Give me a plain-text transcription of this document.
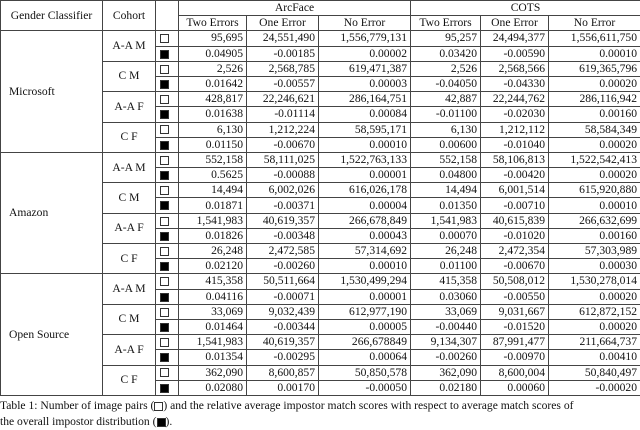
Gender Classifier	Cohort		ArcFace			COTS		
			Two Errors	One Error	No Error	Two Errors	One Error	No Error
Microsoft	A-A M		95,695	24,551,490	1,556,779,131	95,257	24,494,377	1,556,611,750
			0.04905	-0.00185	0.00002	0.03420	-0.00590	0.00010
	C M		2,526	2,568,785	619,471,387	2,526	2,568,566	619,365,796
			0.01642	-0.00557	0.00003	-0.04050	-0.04330	0.00020
	A-A F		428,817	22,246,621	286,164,751	42,887	22,244,762	286,116,942
			0.01638	-0.01114	0.00084	-0.01100	-0.02030	0.00160
	C F		6,130	1,212,224	58,595,171	6,130	1,212,112	58,584,349
			0.01150	-0.00670	0.00010	0.00600	-0.01040	0.00020
Amazon	A-A M		552,158	58,111,025	1,522,763,133	552,158	58,106,813	1,522,542,413
			0.5625	-0.00088	0.00001	0.04800	-0.00420	0.00020
	C M		14,494	6,002,026	616,026,178	14,494	6,001,514	615,920,880
			0.01871	-0.00371	0.00004	0.01350	-0.00710	0.00010
	A-A F		1,541,983	40,619,357	266,678,849	1,541,983	40,615,839	266,632,699
			0.01826	-0.00348	0.00043	0.00070	-0.01020	0.00160
	C F		26,248	2,472,585	57,314,692	26,248	2,472,354	57,303,989
			0.02120	-0.00260	0.00010	0.01100	-0.00670	0.00030
Open Source	A-A M		415,358	50,511,664	1,530,499,294	415,358	50,508,012	1,530,278,014
			0.04116	-0.00071	0.00001	0.03060	-0.00550	0.00020
	C M		33,069	9,032,439	612,977,190	33,069	9,031,667	612,872,152
			0.01464	-0.00344	0.00005	-0.00440	-0.01520	0.00020
	A-A F		1,541,983	40,619,357	266,678849	9,134,307	87,991,477	211,664,737
			0.01354	-0.00295	0.00064	-0.00260	-0.00970	0.00410
	C F		362,090	8,600,857	50,850,578	362,090	8,600,004	50,840,497
			0.02080	0.00170	-0.00050	0.02180	0.00060	-0.00020
Table 1: Number of image pairs ( ) and the relative average impostor match scores with respect to average match scores of
the overall impostor distribution ( ).
